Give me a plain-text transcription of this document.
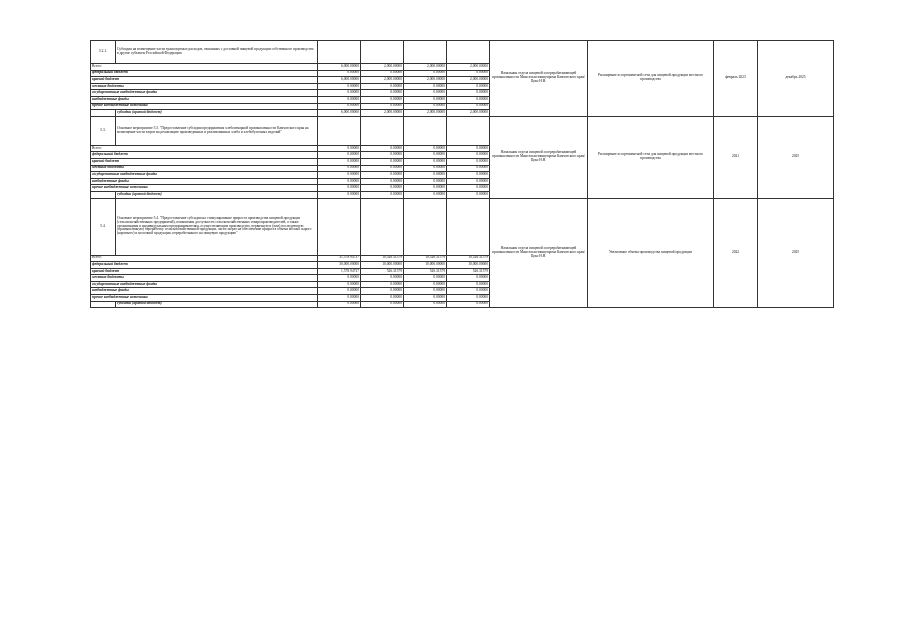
5.2.1.	Субсидия на возмещение части транспортных расходов, связанных с доставкой пищевой продукции собственного производства в другие субъекты Российской Федерации					Начальник отдела пищевой и перерабатывающей промышленности Минсельхозпищепрома Камчатского края/ Цоко Н.Н.	Расширение ассортиментной сети для пищевой продукции местного производства	февраль 2023	декабрь 2025
Всего:		6,000.00000	2,000.00000	2,000.00000	2,000.00000				
федеральный бюджет		0.00000	0.00000	0.00000	0.00000				
краевой бюджет		6,000.00000	2,000.00000	2,000.00000	2,000.00000				
местные бюджеты		0.00000	0.00000	0.00000	0.00000				
государственные внебюджетные фонды		0.00000	0.00000	0.00000	0.00000				
внебюджетные фонды		0.00000	0.00000	0.00000	0.00000				
прочие внебюджетные источники		0.00000	0.00000	0.00000	0.00000				
	субсидии (краевой бюджет)	6,000.00000	2,000.00000	2,000.00000	2,000.00000				
5.3.	Основное мероприятие 5.3. "Предоставление субсидии предприятиям хлебопекарной промышленности Камчатского края на возмещение части затрат на реализацию произведенных и реализованных хлеба и хлебобулочных изделий"					Начальник отдела пищевой и перерабатывающей промышленности Минсельхозпищепрома Камчатского края/ Цоко Н.Н.	Расширение ассортиментной сети для пищевой продукции местного производства	2021	2025
Всего:		0.00000	0.00000	0.00000	0.00000				
федеральный бюджет		0.00000	0.00000	0.00000	0.00000				
краевой бюджет		0.00000	0.00000	0.00000	0.00000				
местные бюджеты		0.00000	0.00000	0.00000	0.00000				
государственные внебюджетные фонды		0.00000	0.00000	0.00000	0.00000				
внебюджетные фонды		0.00000	0.00000	0.00000	0.00000				
прочие внебюджетные источники		0.00000	0.00000	0.00000	0.00000				
	субсидии (краевой бюджет)	0.00000	0.00000	0.00000	0.00000				
5.4.	Основное мероприятие 5.4. "Предоставление субсидии на стимулирование прироста производства пищевой продукции (сельскохозяйственных предприятий), повышения доступности сельскохозяйственных товаропроизводителей, а также организациям и индивидуальным предпринимателям, осуществляющим производство, первичную и (или) последующую (промышленную) переработку сельскохозяйственной продукции, части затрат на обеспечение прироста объема молока сырого (коровьего) и молочной продукции, переработанного на пищевую продукцию"					Начальник отдела пищевой и перерабатывающей промышленности Минсельхозпищепрома Камчатского края/ Цоко Н.Н.	Увеличение объема производства пищевой продукции	2022	2025
Всего:		31,578.94737	10,526.31579	10,526.31579	10,526.31579				
федеральный бюджет		30,000.00000	10,000.00000	10,000.00000	10,000.00000				
краевой бюджет		1,578.94737	526.31579	526.31579	526.31579				
местные бюджеты		0.00000	0.00000	0.00000	0.00000				
государственные внебюджетные фонды		0.00000	0.00000	0.00000	0.00000				
внебюджетные фонды		0.00000	0.00000	0.00000	0.00000				
прочие внебюджетные источники		0.00000	0.00000	0.00000	0.00000				
	субсидии (краевой бюджет)	0.00000	0.00000	0.00000	0.00000				
